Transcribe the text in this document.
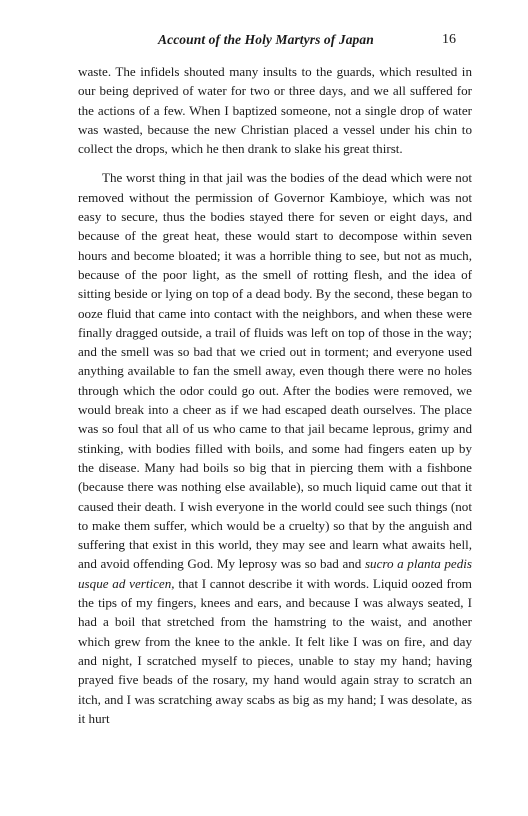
Account of the Holy Martyrs of Japan	16

waste. The infidels shouted many insults to the guards, which resulted in our being deprived of water for two or three days, and we all suffered for the actions of a few. When I baptized someone, not a single drop of water was wasted, because the new Christian placed a vessel under his chin to collect the drops, which he then drank to slake his great thirst.

The worst thing in that jail was the bodies of the dead which were not removed without the permission of Governor Kambioye, which was not easy to secure, thus the bodies stayed there for seven or eight days, and because of the great heat, these would start to decompose within seven hours and become bloated; it was a horrible thing to see, but not as much, because of the poor light, as the smell of rotting flesh, and the idea of sitting beside or lying on top of a dead body. By the second, these began to ooze fluid that came into contact with the neighbors, and when these were finally dragged outside, a trail of fluids was left on top of those in the way; and the smell was so bad that we cried out in torment; and everyone used anything available to fan the smell away, even though there were no holes through which the odor could go out. After the bodies were removed, we would break into a cheer as if we had escaped death ourselves. The place was so foul that all of us who came to that jail became leprous, grimy and stinking, with bodies filled with boils, and some had fingers eaten up by the disease. Many had boils so big that in piercing them with a fishbone (because there was nothing else available), so much liquid came out that it caused their death. I wish everyone in the world could see such things (not to make them suffer, which would be a cruelty) so that by the anguish and suffering that exist in this world, they may see and learn what awaits hell, and avoid offending God. My leprosy was so bad and sucro a planta pedis usque ad verticen, that I cannot describe it with words. Liquid oozed from the tips of my fingers, knees and ears, and because I was always seated, I had a boil that stretched from the hamstring to the waist, and another which grew from the knee to the ankle. It felt like I was on fire, and day and night, I scratched myself to pieces, unable to stay my hand; having prayed five beads of the rosary, my hand would again stray to scratch an itch, and I was scratching away scabs as big as my hand; I was desolate, as it hurt
